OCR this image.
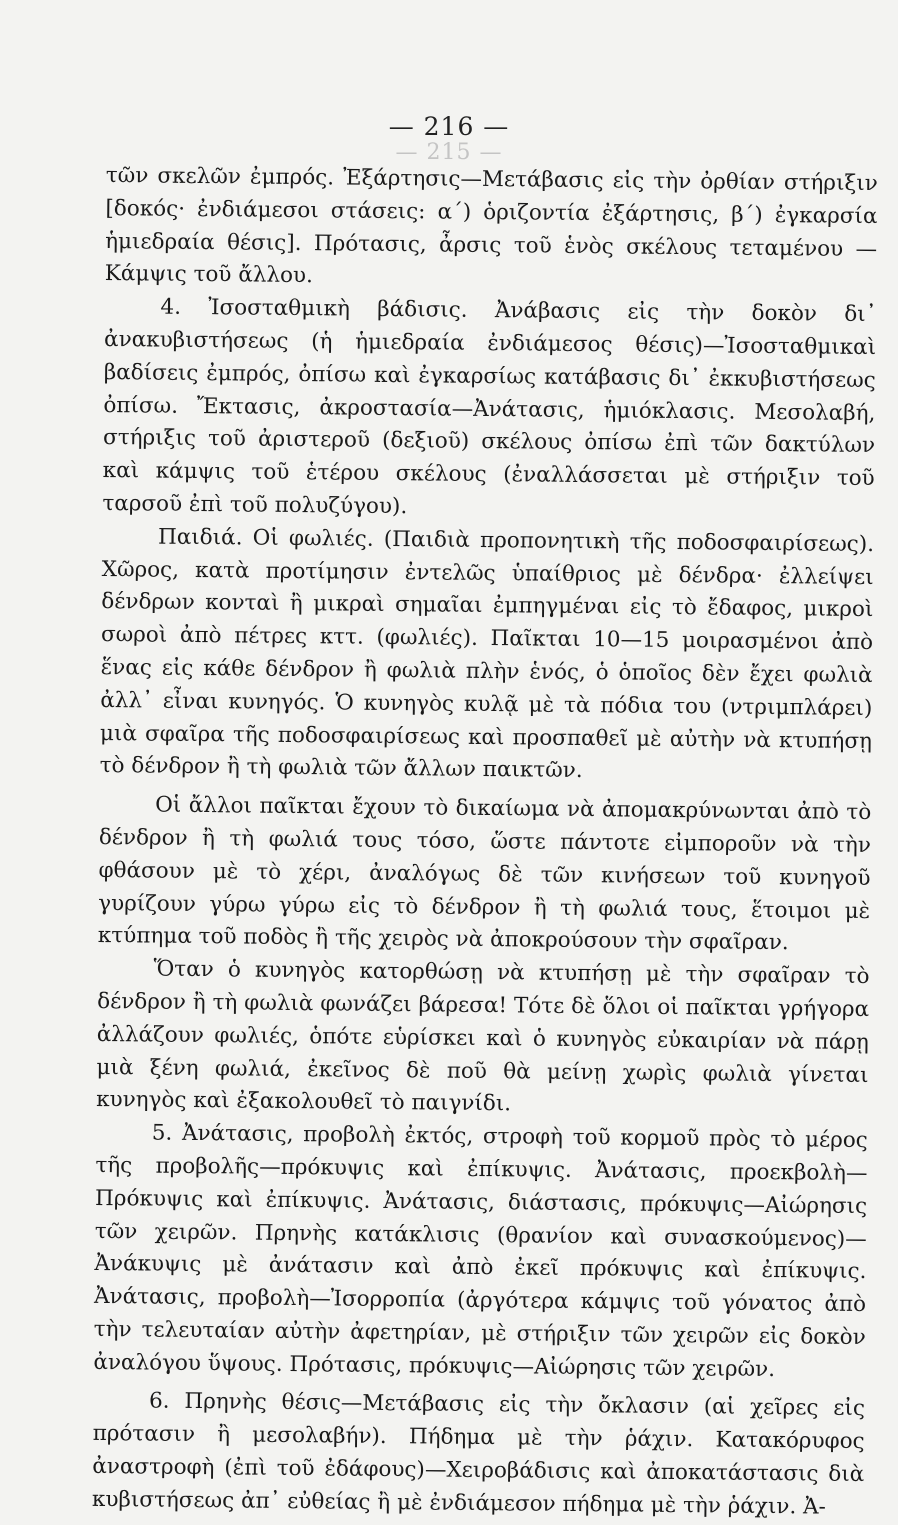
— 216 —
— 215 —

τῶν σκελῶν ἐμπρός. Ἐξάρτησις—Μετάβασις εἰς τὴν ὀρθίαν στήριξιν [δοκός· ἐνδιάμεσοι στάσεις: α΄) ὁριζοντία ἐξάρτησις, β΄) ἐγκαρσία ἡμιεδραία θέσις]. Πρότασις, ἆρσις τοῦ ἑνὸς σκέλους τεταμένου —Κάμψις τοῦ ἄλλου.

4. Ἰσοσταθμικὴ βάδισις. Ἀνάβασις εἰς τὴν δοκὸν δι᾽ ἀνακυβιστήσεως (ἡ ἡμιεδραία ἐνδιάμεσος θέσις)—Ἰσοσταθμικαὶ βαδίσεις ἐμπρός, ὀπίσω καὶ ἐγκαρσίως κατάβασις δι᾽ ἐκκυβιστήσεως ὀπίσω. Ἔκτασις, ἀκροστασία—Ἀνάτασις, ἡμιόκλασις. Μεσολαβή, στήριξις τοῦ ἀριστεροῦ (δεξιοῦ) σκέλους ὀπίσω ἐπὶ τῶν δακτύλων καὶ κάμψις τοῦ ἑτέρου σκέλους (ἐναλλάσσεται μὲ στήριξιν τοῦ ταρσοῦ ἐπὶ τοῦ πολυζύγου).

Παιδιά. Οἱ φωλιές. (Παιδιὰ προπονητικὴ τῆς ποδοσφαιρίσεως). Χῶρος, κατὰ προτίμησιν ἐντελῶς ὑπαίθριος μὲ δένδρα· ἐλλείψει δένδρων κονταὶ ἢ μικραὶ σημαῖαι ἐμπηγμέναι εἰς τὸ ἔδαφος, μικροὶ σωροὶ ἀπὸ πέτρες κττ. (φωλιές). Παῖκται 10—15 μοιρασμένοι ἀπὸ ἕνας εἰς κάθε δένδρον ἢ φωλιὰ πλὴν ἑνός, ὁ ὁποῖος δὲν ἔχει φωλιὰ ἀλλ᾽ εἶναι κυνηγός. Ὁ κυνηγὸς κυλᾷ μὲ τὰ πόδια του (ντριμπλάρει) μιὰ σφαῖρα τῆς ποδοσφαιρίσεως καὶ προσπαθεῖ μὲ αὐτὴν νὰ κτυπήσῃ τὸ δένδρον ἢ τὴ φωλιὰ τῶν ἄλλων παικτῶν.

Οἱ ἄλλοι παῖκται ἔχουν τὸ δικαίωμα νὰ ἀπομακρύνωνται ἀπὸ τὸ δένδρον ἢ τὴ φωλιά τους τόσο, ὥστε πάντοτε εἰμποροῦν νὰ τὴν φθάσουν μὲ τὸ χέρι, ἀναλόγως δὲ τῶν κινήσεων τοῦ κυνηγοῦ γυρίζουν γύρω γύρω εἰς τὸ δένδρον ἢ τὴ φωλιά τους, ἕτοιμοι μὲ κτύπημα τοῦ ποδὸς ἢ τῆς χειρὸς νὰ ἀποκρούσουν τὴν σφαῖραν.

Ὅταν ὁ κυνηγὸς κατορθώσῃ νὰ κτυπήσῃ μὲ τὴν σφαῖραν τὸ δένδρον ἢ τὴ φωλιὰ φωνάζει βάρεσα! Τότε δὲ ὅλοι οἱ παῖκται γρήγορα ἀλλάζουν φωλιές, ὁπότε εὑρίσκει καὶ ὁ κυνηγὸς εὐκαιρίαν νὰ πάρῃ μιὰ ξένη φωλιά, ἐκεῖνος δὲ ποῦ θὰ μείνῃ χωρὶς φωλιὰ γίνεται κυνηγὸς καὶ ἐξακολουθεῖ τὸ παιγνίδι.

5. Ἀνάτασις, προβολὴ ἐκτός, στροφὴ τοῦ κορμοῦ πρὸς τὸ μέρος τῆς προβολῆς—πρόκυψις καὶ ἐπίκυψις. Ἀνάτασις, προεκβολὴ—Πρόκυψις καὶ ἐπίκυψις. Ἀνάτασις, διάστασις, πρόκυψις—Αἰώρησις τῶν χειρῶν. Πρηνὴς κατάκλισις (θρανίον καὶ συνασκούμενος)—Ἀνάκυψις μὲ ἀνάτασιν καὶ ἀπὸ ἐκεῖ πρόκυψις καὶ ἐπίκυψις. Ἀνάτασις, προβολὴ—Ἰσορροπία (ἀργότερα κάμψις τοῦ γόνατος ἀπὸ τὴν τελευταίαν αὐτὴν ἀφετηρίαν, μὲ στήριξιν τῶν χειρῶν εἰς δοκὸν ἀναλόγου ὕψους. Πρότασις, πρόκυψις—Αἰώρησις τῶν χειρῶν.

6. Πρηνὴς θέσις—Μετάβασις εἰς τὴν ὄκλασιν (αἱ χεῖρες εἰς πρότασιν ἢ μεσολαβήν). Πήδημα μὲ τὴν ῥάχιν. Κατακόρυφος ἀναστροφὴ (ἐπὶ τοῦ ἐδάφους)—Χειροβάδισις καὶ ἀποκατάστασις διὰ κυβιστήσεως ἀπ᾽ εὐθείας ἢ μὲ ἐνδιάμεσον πήδημα μὲ τὴν ῥάχιν. Ἀ-
